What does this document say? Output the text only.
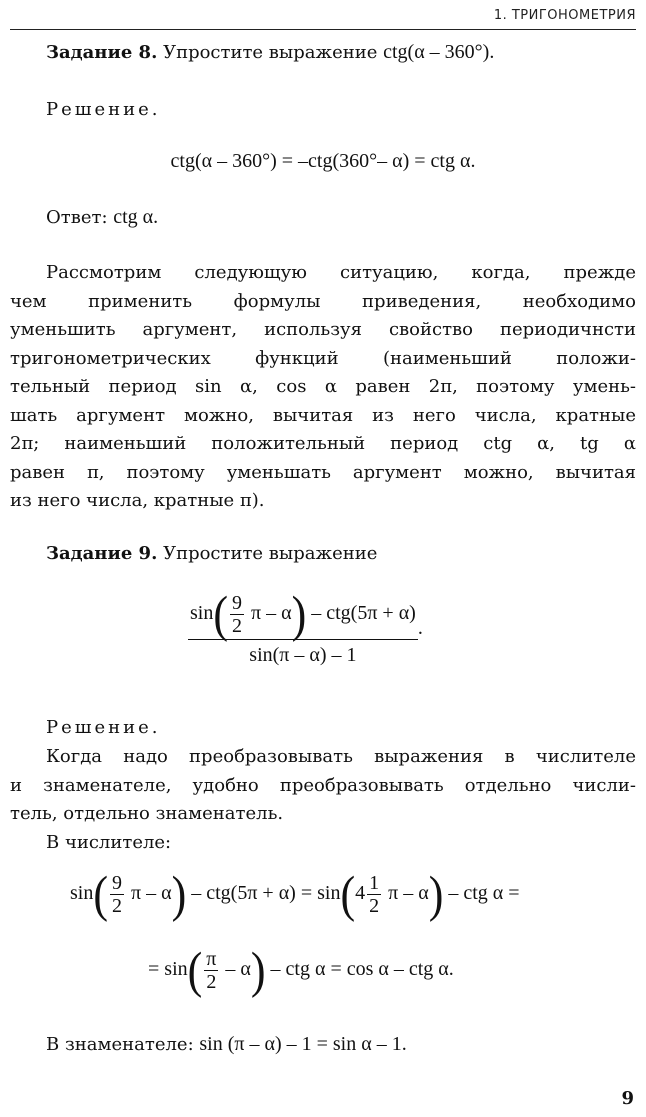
1. ТРИГОНОМЕТРИЯ
Задание 8. Упростите выражение ctg(α – 360°).
Решение.
ctg(α – 360°) = –ctg(360°– α) = ctg α.
Ответ: ctg α.
Рассмотрим следующую ситуацию, когда, прежде
чем применить формулы приведения, необходимо
уменьшить аргумент, используя свойство периодичнсти
тригонометрических функций (наименьший положи-
тельный период sin α, cos α равен 2π, поэтому умень-
шать аргумент можно, вычитая из него числа, кратные
2π; наименьший положительный период ctg α, tg α
равен π, поэтому уменьшать аргумент можно, вычитая
из него числа, кратные π).
Задание 9. Упростите выражение
$\sin( \frac{9}{2}$ π – α) – ctg(5π + α)
sin(π – α) – 1
.
Решение.
Когда надо преобразовывать выражения в числителе
и знаменателе, удобно преобразовывать отдельно числи-
тель, отдельно знаменатель.
В числителе:
$\sin( \frac{9}{2}$ $\pi - \alpha) - ctg(5\pi + \alpha) = \sin(4 \frac{1}{2}$ π – α) – ctg α =
= $\sin( \frac{\pi}{2} - \alpha)$ – ctg α = cos α – ctg α.
В знаменателе: sin (π – α) – 1 = sin α – 1.
9
